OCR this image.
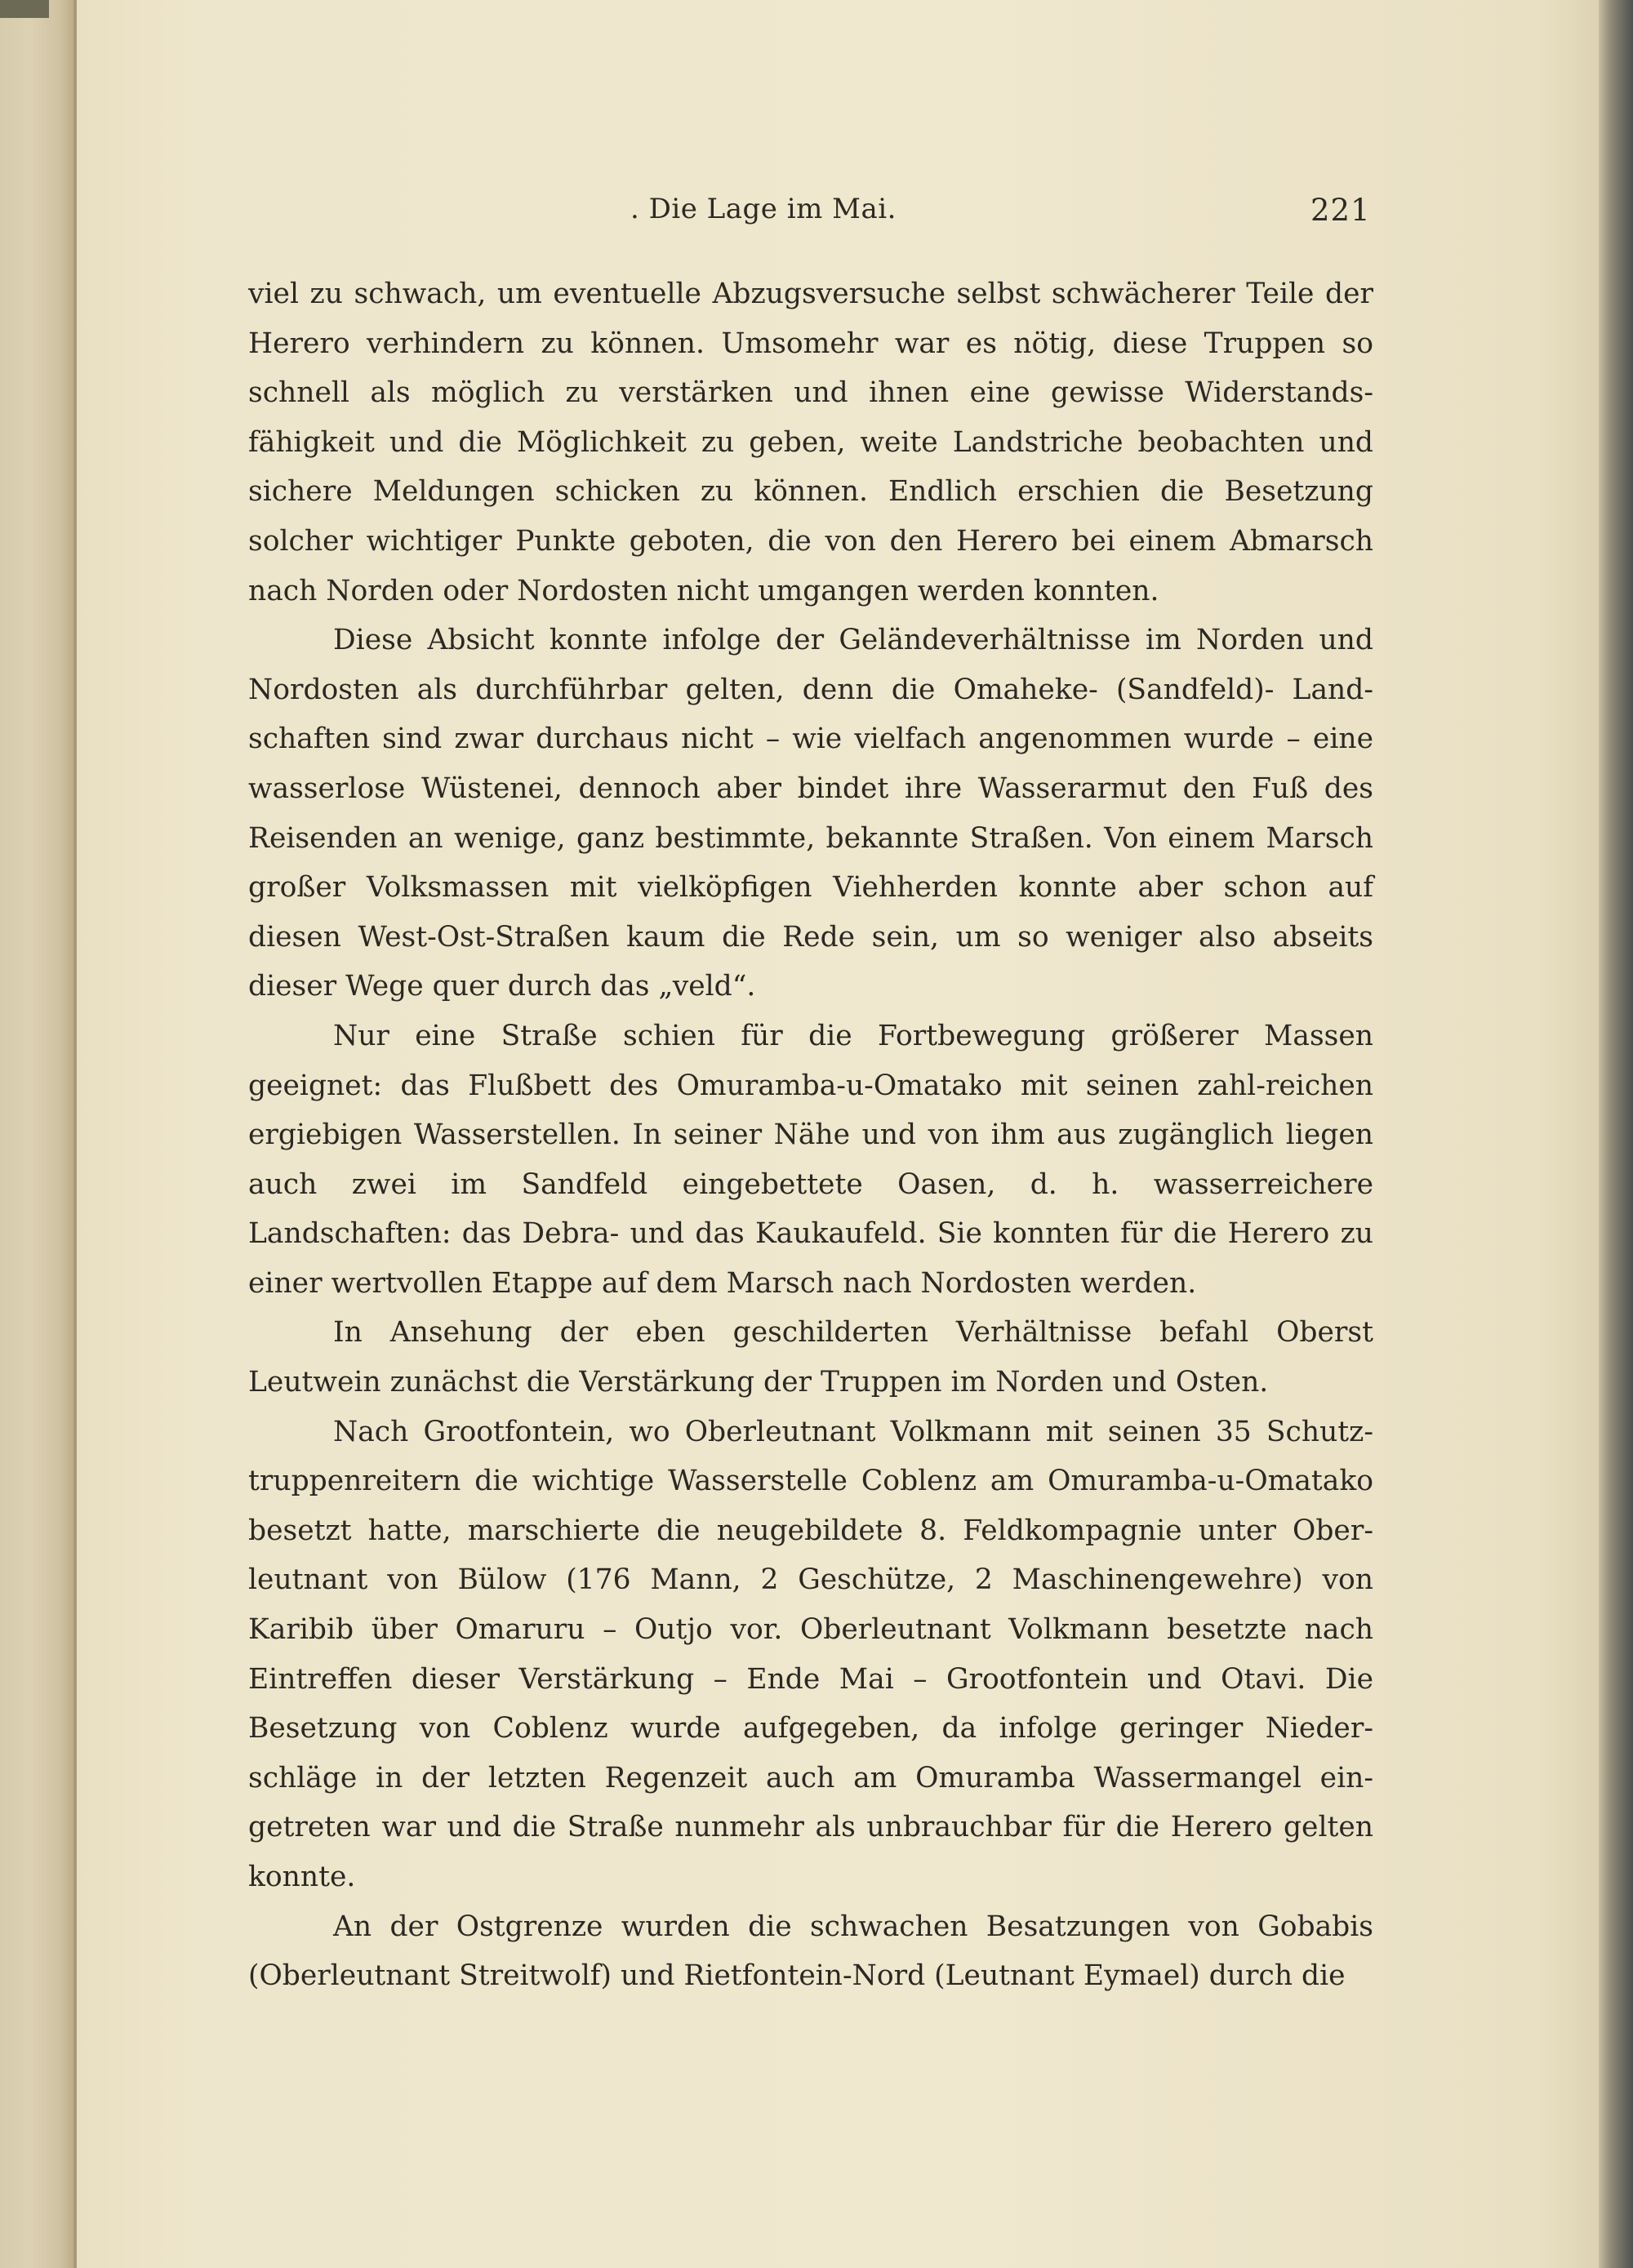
. Die Lage im Mai.	221

viel zu schwach, um eventuelle Abzugsversuche selbst schwächerer Teile der Herero verhindern zu können. Umsomehr war es nötig, diese Truppen so schnell als möglich zu verstärken und ihnen eine gewisse Widerstands-fähigkeit und die Möglichkeit zu geben, weite Landstriche beobachten und sichere Meldungen schicken zu können. Endlich erschien die Besetzung solcher wichtiger Punkte geboten, die von den Herero bei einem Abmarsch nach Norden oder Nordosten nicht umgangen werden konnten.

Diese Absicht konnte infolge der Geländeverhältnisse im Norden und Nordosten als durchführbar gelten, denn die Omaheke- (Sandfeld)- Land-schaften sind zwar durchaus nicht – wie vielfach angenommen wurde – eine wasserlose Wüstenei, dennoch aber bindet ihre Wasserarmut den Fuß des Reisenden an wenige, ganz bestimmte, bekannte Straßen. Von einem Marsch großer Volksmassen mit vielköpfigen Viehherden konnte aber schon auf diesen West-Ost-Straßen kaum die Rede sein, um so weniger also abseits dieser Wege quer durch das „veld“.

Nur eine Straße schien für die Fortbewegung größerer Massen geeignet: das Flußbett des Omuramba-u-Omatako mit seinen zahl-reichen ergiebigen Wasserstellen. In seiner Nähe und von ihm aus zugänglich liegen auch zwei im Sandfeld eingebettete Oasen, d. h. wasserreichere Landschaften: das Debra- und das Kaukaufeld. Sie konnten für die Herero zu einer wertvollen Etappe auf dem Marsch nach Nordosten werden.

In Ansehung der eben geschilderten Verhältnisse befahl Oberst Leutwein zunächst die Verstärkung der Truppen im Norden und Osten.

Nach Grootfontein, wo Oberleutnant Volkmann mit seinen 35 Schutz-truppenreitern die wichtige Wasserstelle Coblenz am Omuramba-u-Omatako besetzt hatte, marschierte die neugebildete 8. Feldkompagnie unter Ober-leutnant von Bülow (176 Mann, 2 Geschütze, 2 Maschinengewehre) von Karibib über Omaruru – Outjo vor. Oberleutnant Volkmann besetzte nach Eintreffen dieser Verstärkung – Ende Mai – Grootfontein und Otavi. Die Besetzung von Coblenz wurde aufgegeben, da infolge geringer Nieder-schläge in der letzten Regenzeit auch am Omuramba Wassermangel ein-getreten war und die Straße nunmehr als unbrauchbar für die Herero gelten konnte.

An der Ostgrenze wurden die schwachen Besatzungen von Gobabis (Oberleutnant Streitwolf) und Rietfontein-Nord (Leutnant Eymael) durch die
